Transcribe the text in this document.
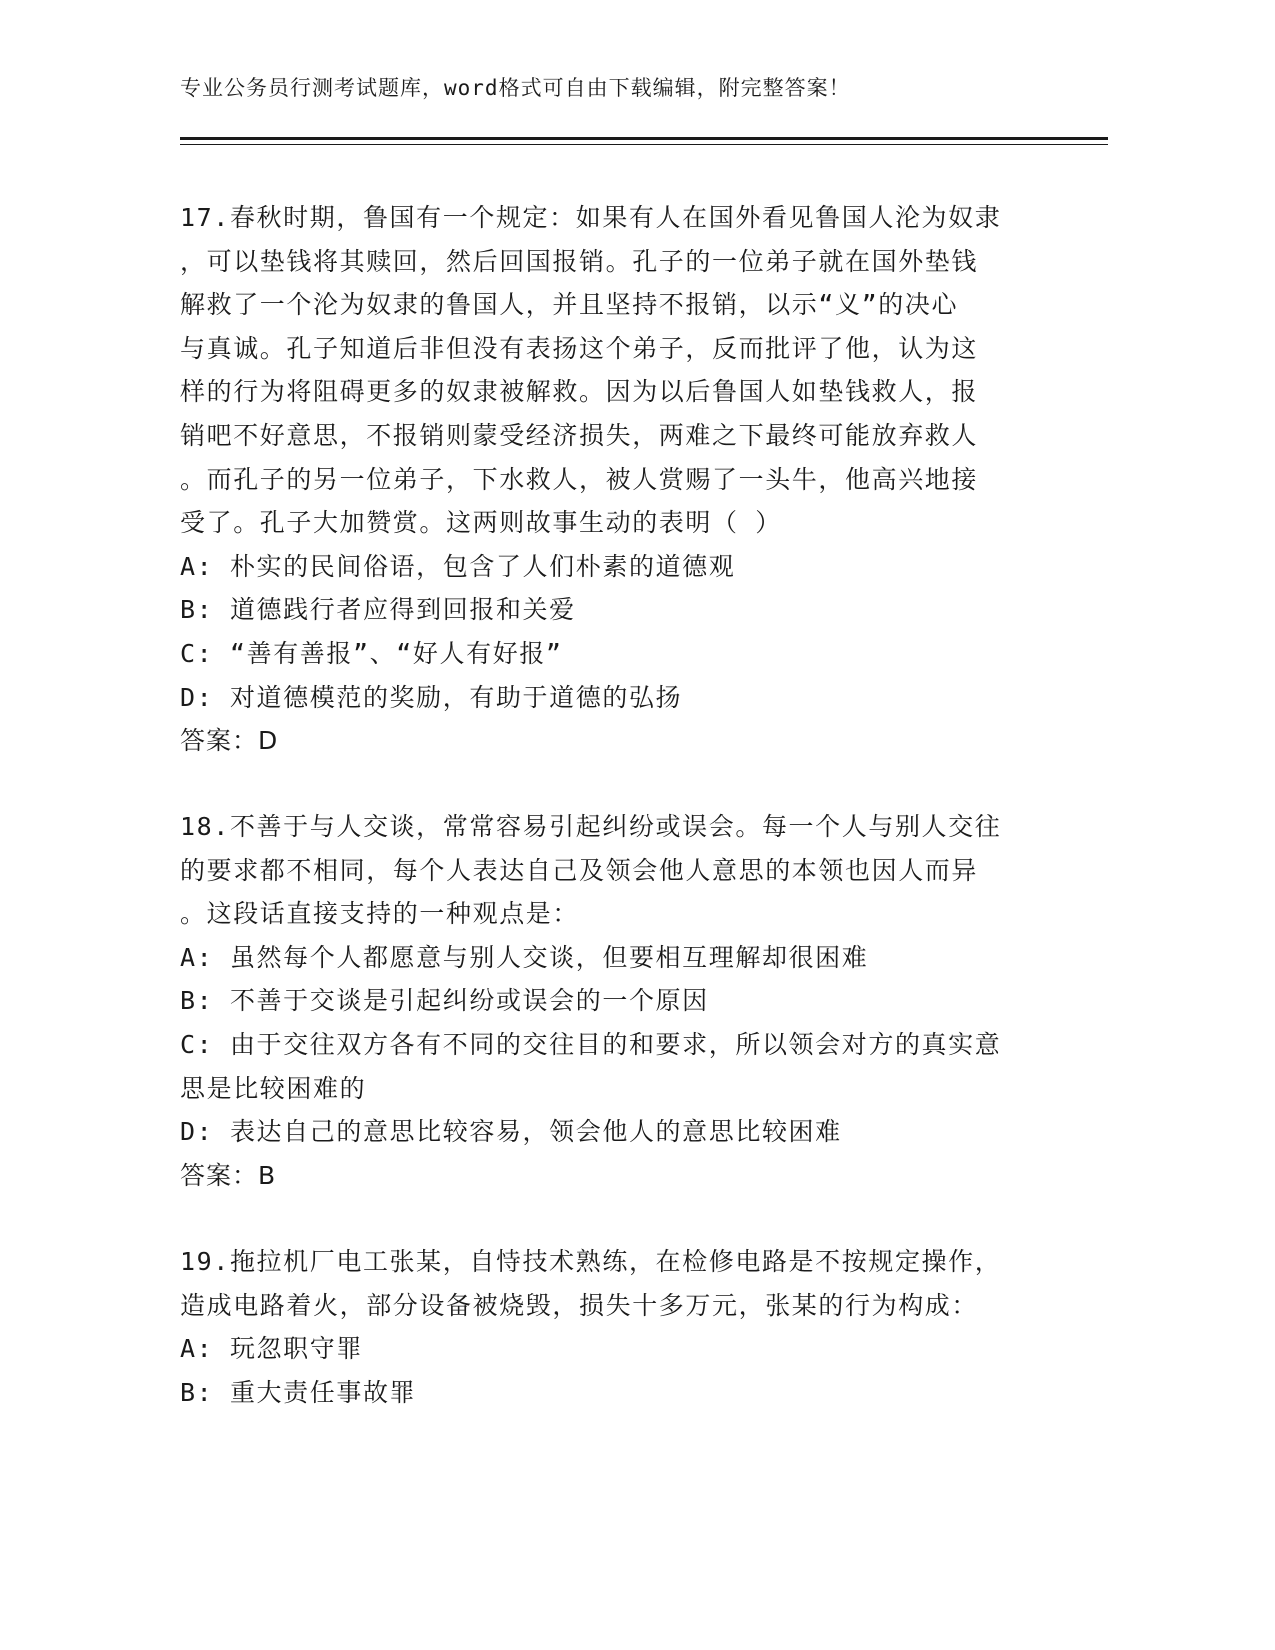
专业公务员行测考试题库，word格式可自由下载编辑，附完整答案！
17.春秋时期，鲁国有一个规定：如果有人在国外看见鲁国人沦为奴隶
，可以垫钱将其赎回，然后回国报销。孔子的一位弟子就在国外垫钱
解救了一个沦为奴隶的鲁国人，并且坚持不报销，以示“义”的决心
与真诚。孔子知道后非但没有表扬这个弟子，反而批评了他，认为这
样的行为将阻碍更多的奴隶被解救。因为以后鲁国人如垫钱救人，报
销吧不好意思，不报销则蒙受经济损失，两难之下最终可能放弃救人
。而孔子的另一位弟子，下水救人，被人赏赐了一头牛，他高兴地接
受了。孔子大加赞赏。这两则故事生动的表明（ ）
A: 朴实的民间俗语，包含了人们朴素的道德观
B: 道德践行者应得到回报和关爱
C: “善有善报”、“好人有好报”
D: 对道德模范的奖励，有助于道德的弘扬
答案：D
18.不善于与人交谈，常常容易引起纠纷或误会。每一个人与别人交往
的要求都不相同，每个人表达自己及领会他人意思的本领也因人而异
。这段话直接支持的一种观点是：
A: 虽然每个人都愿意与别人交谈，但要相互理解却很困难
B: 不善于交谈是引起纠纷或误会的一个原因
C: 由于交往双方各有不同的交往目的和要求，所以领会对方的真实意
思是比较困难的
D: 表达自己的意思比较容易，领会他人的意思比较困难
答案：B
19.拖拉机厂电工张某，自恃技术熟练，在检修电路是不按规定操作，
造成电路着火，部分设备被烧毁，损失十多万元，张某的行为构成：
A: 玩忽职守罪
B: 重大责任事故罪
